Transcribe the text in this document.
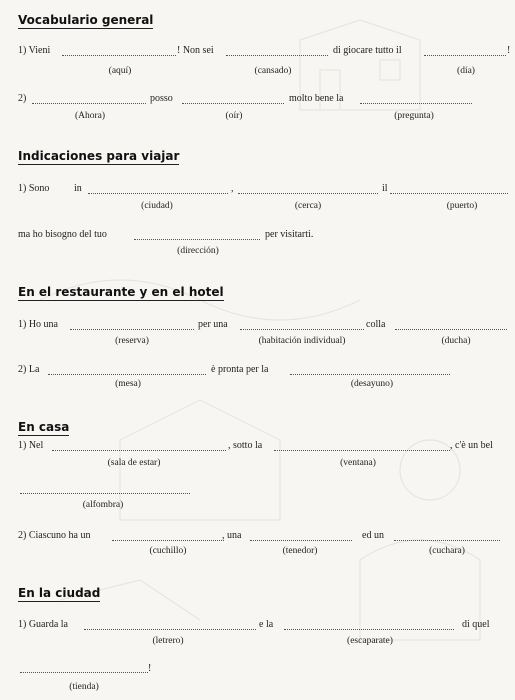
Vocabulario general
1) Vieni	! Non sei	di giocare tutto il	!
(aquí)	(cansado)	(día)
2)	posso	molto bene la
(Ahora)	(oír)	(pregunta)
Indicaciones para viajar
1) Sono in	,	il
(ciudad)	(cerca)	(puerto)
ma ho bisogno del tuo	per visitarti.
(dirección)
En el restaurante y en el hotel
1) Ho una	per una	colla
(reserva)	(habitación individual)	(ducha)
2) La	è pronta per la
(mesa)	(desayuno)
En casa
1) Nel	, sotto la	, c'è un bel
(sala de estar)	(ventana)
(alfombra)
2) Ciascuno ha un	, una	ed un
(cuchillo)	(tenedor)	(cuchara)
En la ciudad
1) Guarda la	e la	di quel
(letrero)	(escaparate)
!
(tienda)
